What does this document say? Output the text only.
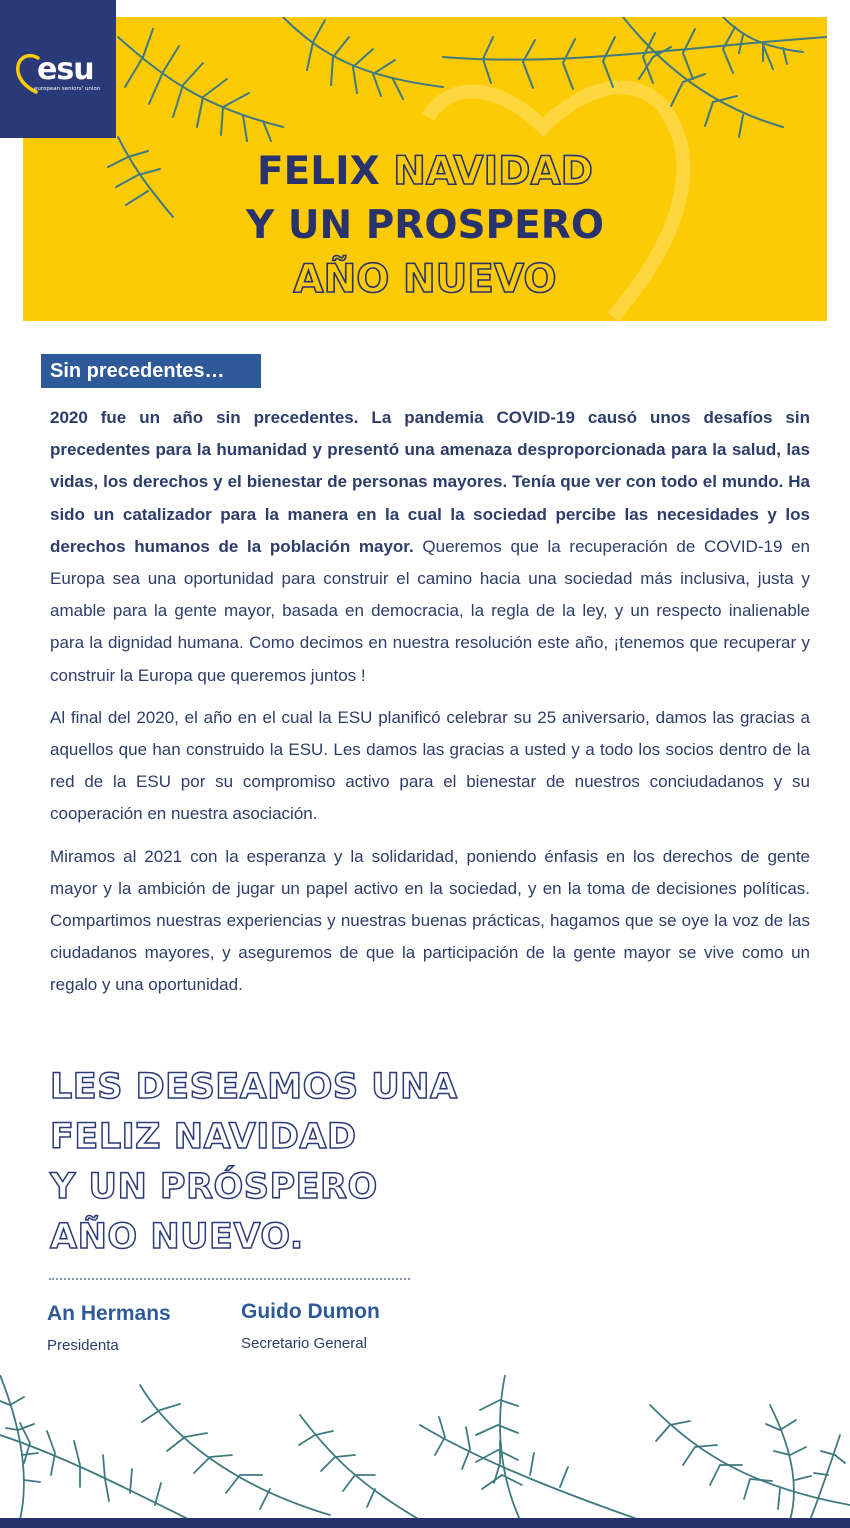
FELIX NAVIDAD
Y UN PROSPERO
AÑO NUEVO
esu
european seniors' union
Sin precedentes…

2020 fue un año sin precedentes. La pandemia COVID-19 causó unos desafíos sin precedentes para la humanidad y presentó una amenaza desproporcionada para la salud, las vidas, los derechos y el bienestar de personas mayores. Tenía que ver con todo el mundo. Ha sido un catalizador para la manera en la cual la sociedad percibe las necesidades y los derechos humanos de la población mayor. Queremos que la recuperación de COVID-19 en Europa sea una oportunidad para construir el camino hacia una sociedad más inclusiva, justa y amable para la gente mayor, basada en democracia, la regla de la ley, y un respecto inalienable para la dignidad humana. Como decimos en nuestra resolución este año, ¡tenemos que recuperar y construir la Europa que queremos juntos !

Al final del 2020, el año en el cual la ESU planificó celebrar su 25 aniversario, damos las gracias a aquellos que han construido la ESU. Les damos las gracias a usted y a todo los socios dentro de la red de la ESU por su compromiso activo para el bienestar de nuestros conciudadanos y su cooperación en nuestra asociación.

Miramos al 2021 con la esperanza y la solidaridad, poniendo énfasis en los derechos de gente mayor y la ambición de jugar un papel activo en la sociedad, y en la toma de decisiones políticas. Compartimos nuestras experiencias y nuestras buenas prácticas, hagamos que se oye la voz de las ciudadanos mayores, y aseguremos de que la participación de la gente mayor se vive como un regalo y una oportunidad.

LES DESEAMOS UNA
FELIZ NAVIDAD
Y UN PRÓSPERO
AÑO NUEVO.
An Hermans
Presidenta
Guido Dumon
Secretario General
